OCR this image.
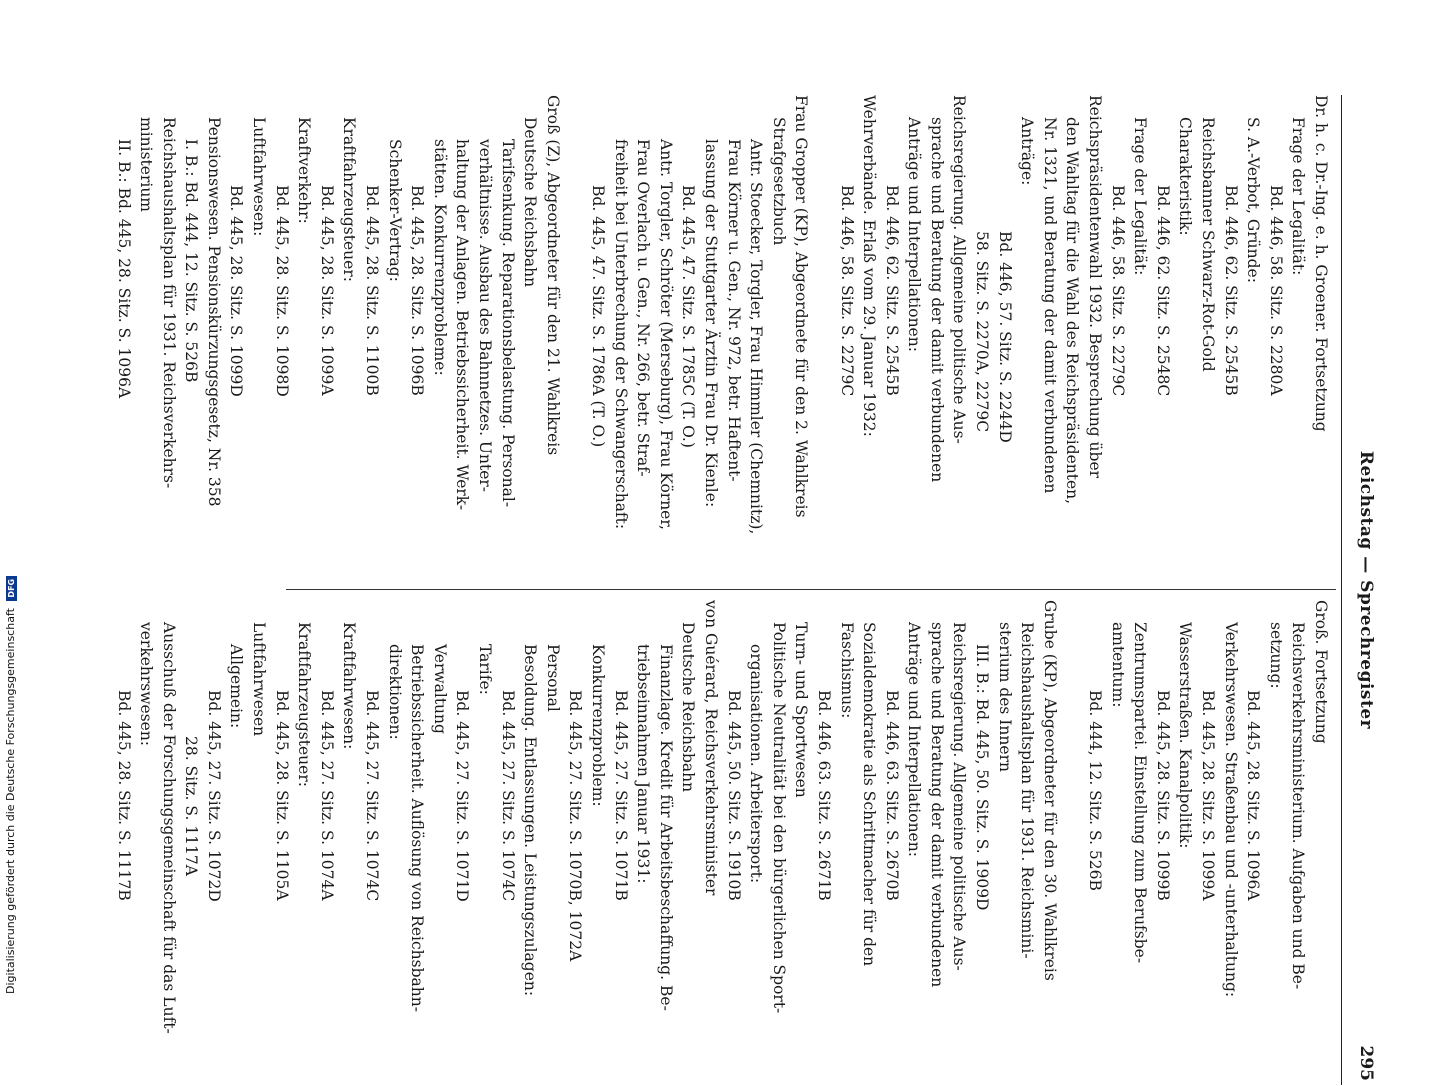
Reichstag — Sprechregister
295
Dr. h. c. Dr.-Ing. e. h. Groener. Fortsetzung
Frage der Legalität:
Bd. 446, 58. Sitz. S. 2280A
S. A.-Verbot, Gründe:
Bd. 446, 62. Sitz. S. 2545B
Reichsbanner Schwarz-Rot-Gold
Charakteristik:
Bd. 446, 62. Sitz. S. 2548C
Frage der Legalität:
Bd. 446, 58. Sitz. S. 2279C
Reichspräsidentenwahl 1932. Besprechung über
den Wahltag für die Wahl des Reichspräsidenten,
Nr. 1321, und Beratung der damit verbundenen
Anträge:
Bd. 446, 57. Sitz. S. 2244D
58. Sitz. S. 2270A, 2279C
Reichsregierung. Allgemeine politische Aus-
sprache und Beratung der damit verbundenen
Anträge und Interpellationen:
Bd. 446, 62. Sitz. S. 2545B
Wehrverbände. Erlaß vom 29. Januar 1932:
Bd. 446, 58. Sitz. S. 2279C

Frau Gropper (KP), Abgeordnete für den 2. Wahlkreis
Strafgesetzbuch
Antr. Stoecker, Torgler, Frau Himmler (Chemnitz),
Frau Körner u. Gen., Nr. 972, betr. Haftent-
lassung der Stuttgarter Ärztin Frau Dr. Kienle:
Bd. 445, 47. Sitz. S. 1785C (T. O.)
Antr. Torgler, Schröter (Merseburg), Frau Körner,
Frau Overlach u. Gen., Nr. 266, betr. Straf-
freiheit bei Unterbrechung der Schwangerschaft:
Bd. 445, 47. Sitz. S. 1786A (T. O.)

Groß (Z), Abgeordneter für den 21. Wahlkreis
Deutsche Reichsbahn
Tarifsenkung. Reparationsbelastung. Personal-
verhältnisse. Ausbau des Bahnnetzes. Unter-
haltung der Anlagen. Betriebssicherheit. Werk-
stätten. Konkurrenzprobleme:
Bd. 445, 28. Sitz. S. 1096B
Schenker-Vertrag:
Bd. 445, 28. Sitz. S. 1100B
Kraftfahrzeugsteuer:
Bd. 445, 28. Sitz. S. 1099A
Kraftverkehr:
Bd. 445, 28. Sitz. S. 1098D
Luftfahrwesen:
Bd. 445, 28. Sitz. S. 1099D
Pensionswesen. Pensionskürzungsgesetz, Nr. 358
I. B.: Bd. 444, 12. Sitz. S. 526B
Reichshaushaltsplan für 1931. Reichsverkehrs-
ministerium
II. B.: Bd. 445, 28. Sitz. S. 1096A
Groß. Fortsetzung
Reichsverkehrsministerium. Aufgaben und Be-
setzung:
Bd. 445, 28. Sitz. S. 1096A
Verkehrswesen. Straßenbau und -unterhaltung:
Bd. 445, 28. Sitz. S. 1099A
Wasserstraßen. Kanalpolitik:
Bd. 445, 28. Sitz. S. 1099B
Zentrumspartei. Einstellung zum Berufsbe-
amtentum:
Bd. 444, 12. Sitz. S. 526B

Grube (KP), Abgeordneter für den 30. Wahlkreis
Reichshaushaltsplan für 1931. Reichsmini-
sterium des Innern
III. B.: Bd. 445, 50. Sitz. S. 1909D
Reichsregierung. Allgemeine politische Aus-
sprache und Beratung der damit verbundenen
Anträge und Interpellationen:
Bd. 446, 63. Sitz. S. 2670B
Sozialdemokratie als Schrittmacher für den
Faschismus:
Bd. 446, 63. Sitz. S. 2671B
Turn- und Sportwesen
Politische Neutralität bei den bürgerlichen Sport-
organisationen. Arbeitersport:
Bd. 445, 50. Sitz. S. 1910B
von Guérard, Reichsverkehrsminister
Deutsche Reichsbahn
Finanzlage. Kredit für Arbeitsbeschaffung. Be-
triebseinnahmen Januar 1931:
Bd. 445, 27. Sitz. S. 1071B
Konkurrenzproblem:
Bd. 445, 27. Sitz. S. 1070B, 1072A
Personal
Besoldung. Entlassungen. Leistungszulagen:
Bd. 445, 27. Sitz. S. 1074C
Tarife:
Bd. 445, 27. Sitz. S. 1071D
Verwaltung
Betriebssicherheit. Auflösung von Reichsbahn-
direktionen:
Bd. 445, 27. Sitz. S. 1074C
Kraftfahrwesen:
Bd. 445, 27. Sitz. S. 1074A
Kraftfahrzeugsteuer:
Bd. 445, 28. Sitz. S. 1105A
Luftfahrwesen
Allgemein:
Bd. 445, 27. Sitz. S. 1072D
28. Sitz. S. 1117A
Ausschuß der Forschungsgemeinschaft für das Luft-
verkehrswesen:
Bd. 445, 28. Sitz. S. 1117B
Digitalisierung gefördert durch die Deutsche Forschungsgemeinschaft DFG
